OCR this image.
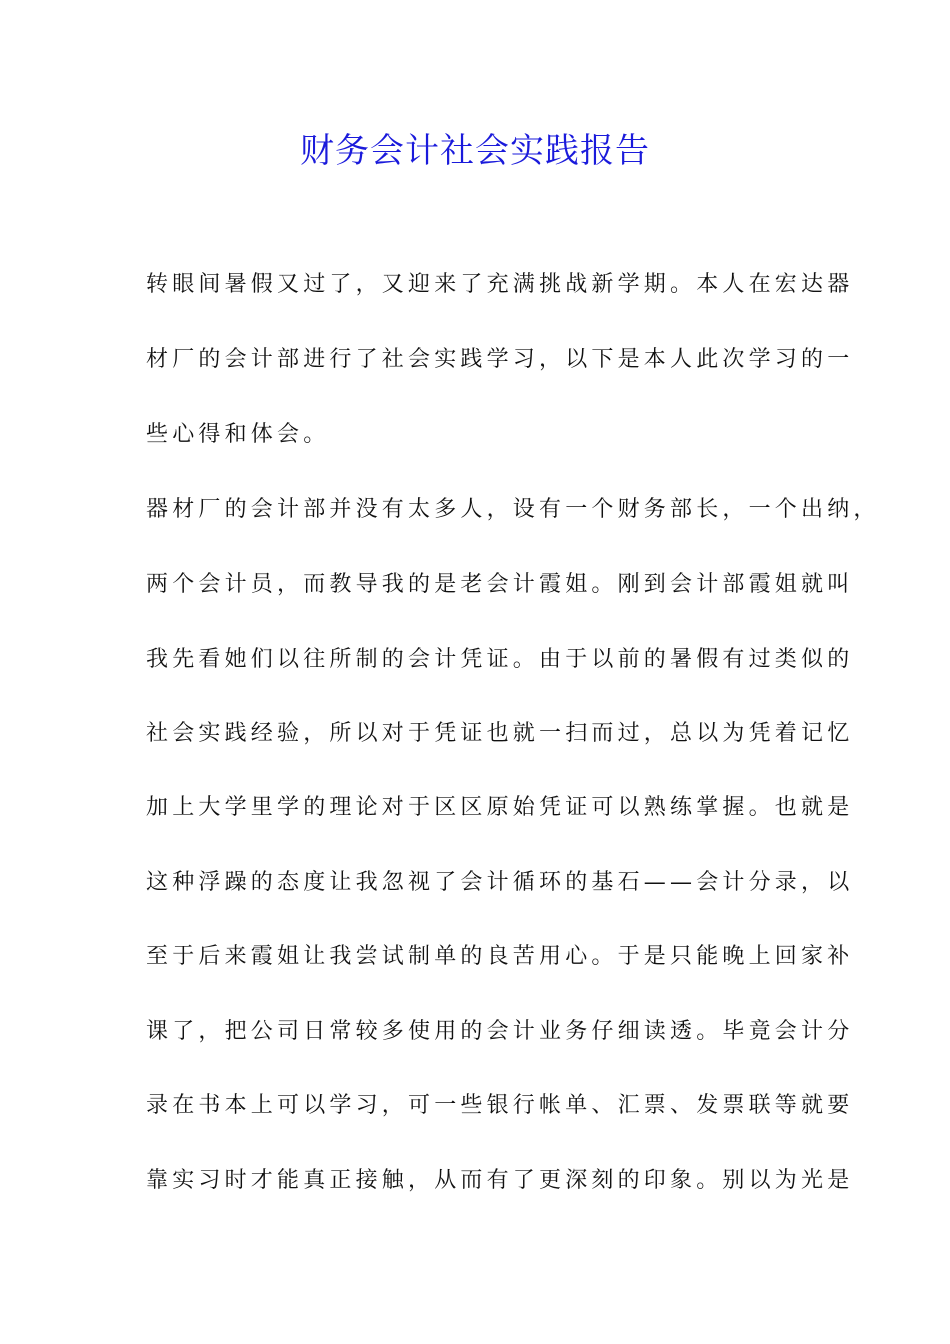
财务会计社会实践报告
转眼间暑假又过了，又迎来了充满挑战新学期。本人在宏达器
材厂的会计部进行了社会实践学习，以下是本人此次学习的一
些心得和体会。
器材厂的会计部并没有太多人，设有一个财务部长，一个出纳，
两个会计员，而教导我的是老会计霞姐。刚到会计部霞姐就叫
我先看她们以往所制的会计凭证。由于以前的暑假有过类似的
社会实践经验，所以对于凭证也就一扫而过，总以为凭着记忆
加上大学里学的理论对于区区原始凭证可以熟练掌握。也就是
这种浮躁的态度让我忽视了会计循环的基石——会计分录，以
至于后来霞姐让我尝试制单的良苦用心。于是只能晚上回家补
课了，把公司日常较多使用的会计业务仔细读透。毕竟会计分
录在书本上可以学习，可一些银行帐单、汇票、发票联等就要
靠实习时才能真正接触，从而有了更深刻的印象。别以为光是
